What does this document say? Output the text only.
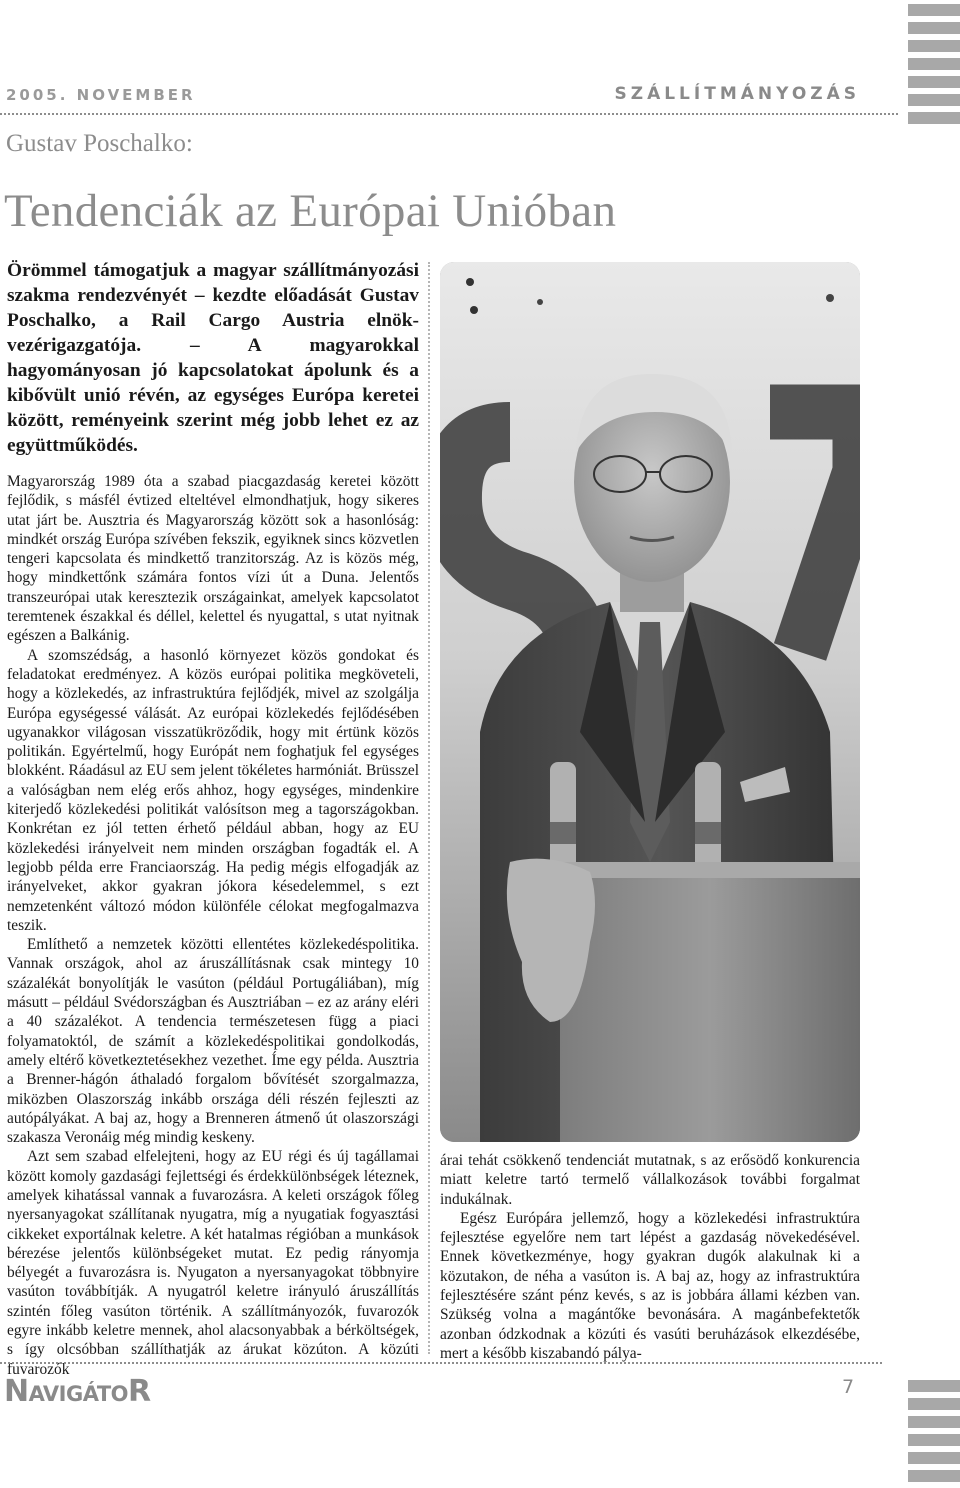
2005. NOVEMBER	SZÁLLÍTMÁNYOZÁS
Gustav Poschalko:
Tendenciák az Európai Unióban

Örömmel támogatjuk a magyar szállítmányozási szakma rendezvényét – kezdte előadását Gustav Poschalko, a Rail Cargo Austria elnök-vezérigazgatója. – A magyarokkal hagyományosan jó kapcsolatokat ápolunk és a kibővült unió révén, az egységes Európa keretei között, reményeink szerint még jobb lehet ez az együttműködés.

Magyarország 1989 óta a szabad piacgazdaság keretei között fejlődik, s másfél évtized elteltével elmondhatjuk, hogy sikeres utat járt be. Ausztria és Magyarország között sok a hasonlóság: mindkét ország Európa szívében fekszik, egyiknek sincs közvetlen tengeri kapcsolata és mindkettő tranzitország. Az is közös még, hogy mindkettőnk számára fontos vízi út a Duna. Jelentős transzeurópai utak keresztezik országainkat, amelyek kapcsolatot teremtenek északkal és déllel, kelettel és nyugattal, s utat nyitnak egészen a Balkánig.

A szomszédság, a hasonló környezet közös gondokat és feladatokat eredményez. A közös európai politika megköveteli, hogy a közlekedés, az infrastruktúra fejlődjék, mivel az szolgálja Európa egységessé válását. Az európai közlekedés fejlődésében ugyanakkor világosan visszatükröződik, hogy mit értünk közös politikán. Egyértelmű, hogy Európát nem foghatjuk fel egységes blokként. Ráadásul az EU sem jelent tökéletes harmóniát. Brüsszel a valóságban nem elég erős ahhoz, hogy egységes, mindenkire kiterjedő közlekedési politikát valósítson meg a tagországokban. Konkrétan ez jól tetten érhető például abban, hogy az EU közlekedési irányelveit nem minden országban fogadták el. A legjobb példa erre Franciaország. Ha pedig mégis elfogadják az irányelveket, akkor gyakran jókora késedelemmel, s ezt nemzetenként változó módon különféle célokat megfogalmazva teszik.

Említhető a nemzetek közötti ellentétes közlekedéspolitika. Vannak országok, ahol az áruszállításnak csak mintegy 10 százalékát bonyolítják le vasúton (például Portugáliában), míg másutt – például Svédországban és Ausztriában – ez az arány eléri a 40 százalékot. A tendencia természetesen függ a piaci folyamatoktól, de számít a közlekedéspolitikai gondolkodás, amely eltérő következtetésekhez vezethet. Íme egy példa. Ausztria a Brenner-hágón áthaladó forgalom bővítését szorgalmazza, miközben Olaszország inkább országa déli részén fejleszti az autópályákat. A baj az, hogy a Brenneren átmenő út olaszországi szakasza Veronáig még mindig keskeny.

Azt sem szabad elfelejteni, hogy az EU régi és új tagállamai között komoly gazdasági fejlettségi és érdekkülönbségek léteznek, amelyek kihatással vannak a fuvarozásra. A keleti országok főleg nyersanyagokat szállítanak nyugatra, míg a nyugatiak fogyasztási cikkeket exportálnak keletre. A két hatalmas régióban a munkások bérezése jelentős különbségeket mutat. Ez pedig rányomja bélyegét a fuvarozásra is. Nyugaton a nyersanyagokat többnyire vasúton továbbítják. A nyugatról keletre irányuló áruszállítás szintén főleg vasúton történik. A szállítmányozók, fuvarozók egyre inkább keletre mennek, ahol alacsonyabbak a bérköltségek, s így olcsóbban szállíthatják az árukat közúton. A közúti fuvarozók

árai tehát csökkenő tendenciát mutatnak, s az erősödő konkurencia miatt keletre tartó termelő vállalkozások további forgalmat indukálnak.

Egész Európára jellemző, hogy a közlekedési infrastruktúra fejlesztése egyelőre nem tart lépést a gazdaság növekedésével. Ennek következménye, hogy gyakran dugók alakulnak ki a közutakon, de néha a vasúton is. A baj az, hogy az infrastruktúra fejlesztésére szánt pénz kevés, s az is jobbára állami kézben van. Szükség volna a magántőke bevonására. A magánbefektetők azonban ódzkodnak a közúti és vasúti beruházások elkezdésébe, mert a később kiszabandó pálya-

NavigátoR	7
